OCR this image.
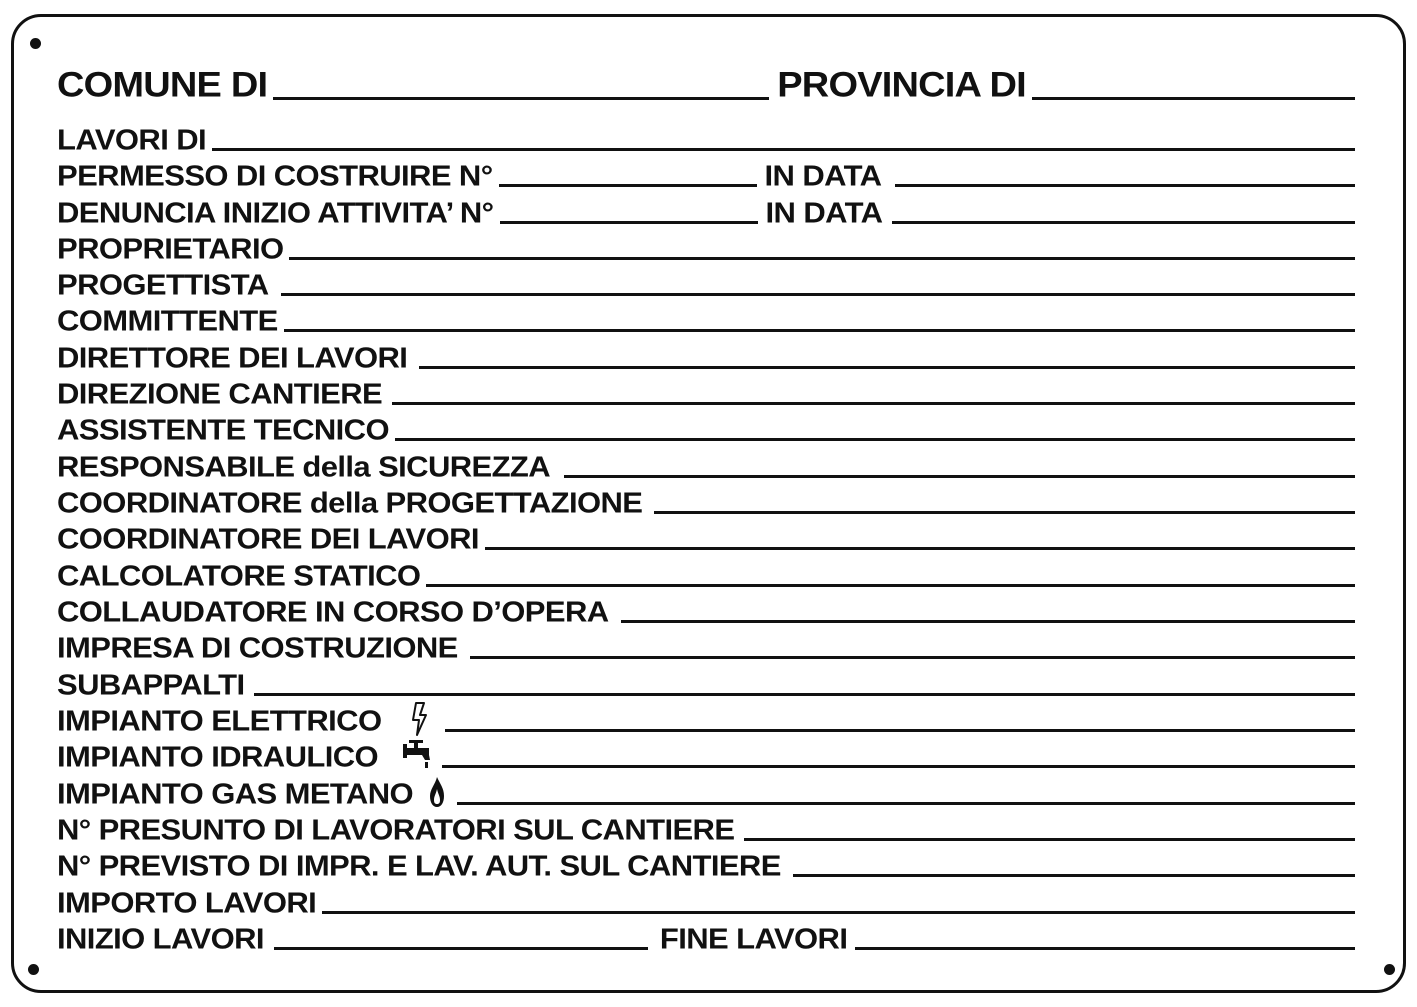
COMUNE DI	PROVINCIA DI
LAVORI DI
PERMESSO DI COSTRUIRE N°	IN DATA
DENUNCIA INIZIO ATTIVITA’ N°	IN DATA
PROPRIETARIO
PROGETTISTA
COMMITTENTE
DIRETTORE DEI LAVORI
DIREZIONE CANTIERE
ASSISTENTE TECNICO
RESPONSABILE della SICUREZZA
COORDINATORE della PROGETTAZIONE
COORDINATORE DEI LAVORI
CALCOLATORE STATICO
COLLAUDATORE IN CORSO D’OPERA
IMPRESA DI COSTRUZIONE
SUBAPPALTI
IMPIANTO ELETTRICO
IMPIANTO IDRAULICO
IMPIANTO GAS METANO
N° PRESUNTO DI LAVORATORI SUL CANTIERE
N° PREVISTO DI IMPR. E LAV. AUT. SUL CANTIERE
IMPORTO LAVORI
INIZIO LAVORI	FINE LAVORI
